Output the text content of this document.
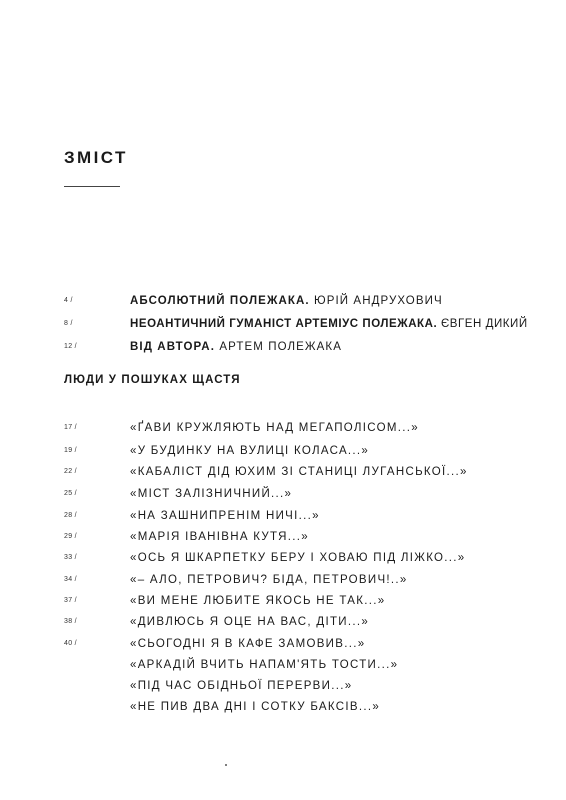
ЗМІСТ
4 /	АБСОЛЮТНИЙ ПОЛЕЖАКА. ЮРІЙ АНДРУХОВИЧ
8 /	НЕОАНТИЧНИЙ ГУМАНІСТ АРТЕМІУС ПОЛЕЖАКА. ЄВГЕН ДИКИЙ
12 /	ВІД АВТОРА. АРТЕМ ПОЛЕЖАКА
ЛЮДИ У ПОШУКАХ ЩАСТЯ
17 /	«ҐАВИ КРУЖЛЯЮТЬ НАД МЕГАПОЛІСОМ...»
19 /	«У БУДИНКУ НА ВУЛИЦІ КОЛАСА...»
22 /	«КАБАЛІСТ ДІД ЮХИМ ЗІ СТАНИЦІ ЛУГАНСЬКОЇ...»
25 /	«МІСТ ЗАЛІЗНИЧНИЙ...»
28 /	«НА ЗАШНИПРЕНІМ НИЧІ...»
29 /	«МАРІЯ ІВАНІВНА КУТЯ...»
33 /	«ОСЬ Я ШКАРПЕТКУ БЕРУ І ХОВАЮ ПІД ЛІЖКО...»
34 /	«– АЛО, ПЕТРОВИЧ? БІДА, ПЕТРОВИЧ!..»
37 /	«ВИ МЕНЕ ЛЮБИТЕ ЯКОСЬ НЕ ТАК...»
38 /	«ДИВЛЮСЬ Я ОЦЕ НА ВАС, ДІТИ...»
40 /	«СЬОГОДНІ Я В КАФЕ ЗАМОВИВ...»
«АРКАДІЙ ВЧИТЬ НАПАМ'ЯТЬ ТОСТИ...»
«ПІД ЧАС ОБІДНЬОЇ ПЕРЕРВИ...»
«НЕ ПИВ ДВА ДНІ І СОТКУ БАКСІВ...»
